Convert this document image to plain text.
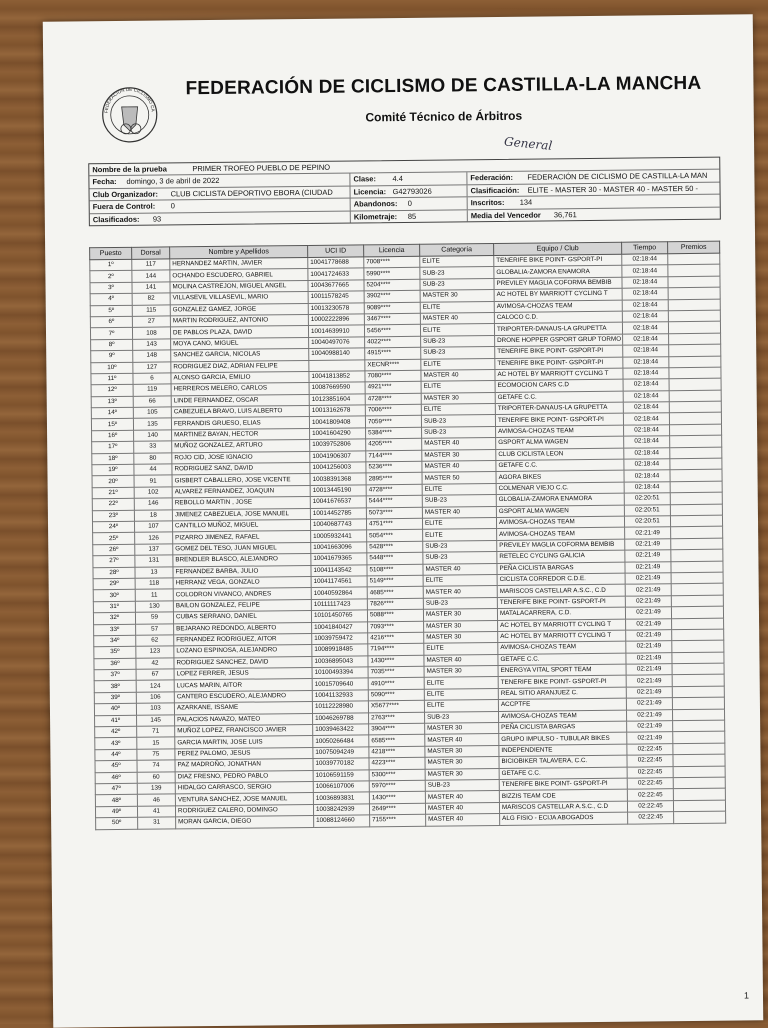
FEDERACIÓN DE CICLISMO CASTILLA-LA	FEDERACIÓN DE CICLISMO DE CASTILLA-LA MANCHA
Comité Técnico de Árbitros
General
Nombre de la prueba	PRIMER TROFEO PUEBLO DE PEPINO
Fecha:	domingo, 3 de abril de 2022	Clase:	4.4	Federación:	FEDERACIÓN DE CICLISMO DE CASTILLA-LA MAN
Club Organizador:	CLUB CICLISTA DEPORTIVO EBORA (CIUDAD	Licencia: G42793026	Clasificación:	ELITE - MASTER 30 - MASTER 40 - MASTER 50 -
Fuera de Control:	0	Abandonos:	0	Inscritos:	134
Clasificados:	93	Kilometraje:	85	Media del Vencedor	36,761
Puesto	Dorsal	Nombre y Apellidos	UCI ID	Licencia	Categoría	Equipo / Club	Tiempo	Premios
1º	117	HERNANDEZ MARTIN, JAVIER	10041778688	7008****	ELITE	TENERIFE BIKE POINT- GSPORT-PI	02:18:44	
2º	144	OCHANDO ESCUDERO, GABRIEL	10041724633	5990****	SUB-23	GLOBALIA-ZAMORA ENAMORA	02:18:44	
3º	141	MOLINA CASTREJON, MIGUEL ANGEL	10043677665	5204****	SUB-23	PREVILEY MAGLIA COFORMA BEMBIB	02:18:44	
4º	82	VILLASEVIL VILLASEVIL, MARIO	10011578245	3902****	MASTER 30	AC HOTEL BY MARRIOTT CYCLING T	02:18:44	
5º	115	GONZALEZ GAMEZ, JORGE	10013230578	9089****	ELITE	AVIMOSA-CHOZAS TEAM	02:18:44	
6º	27	MARTIN RODRIGUEZ, ANTONIO	10002222896	3467****	MASTER 40	CALOCO C.D.	02:18:44	
7º	108	DE PABLOS PLAZA, DAVID	10014639910	5456****	ELITE	TRIPORTER-DANAUS-LA GRUPETTA	02:18:44	
8º	143	MOYA CANO, MIGUEL	10040497076	4022****	SUB-23	DRONE HOPPER GSPORT GRUP TORMO	02:18:44	
9º	148	SANCHEZ GARCIA, NICOLAS	10040988140	4915****	SUB-23	TENERIFE BIKE POINT- GSPORT-PI	02:18:44	
10º	127	RODRIGUEZ DIAZ, ADRIAN FELIPE		XECNR****	ELITE	TENERIFE BIKE POINT- GSPORT-PI	02:18:44	
11º	6	ALONSO GARCIA, EMILIO	10041813852	7080****	MASTER 40	AC HOTEL BY MARRIOTT CYCLING T	02:18:44	
12º	119	HERREROS MELERO, CARLOS	10087669590	4921****	ELITE	ECOMOCION CARS C.D	02:18:44	
13º	66	LINDE FERNANDEZ, OSCAR	10123851604	4728****	MASTER 30	GETAFE C.C.	02:18:44	
14º	105	CABEZUELA BRAVO, LUIS ALBERTO	10013162678	7006****	ELITE	TRIPORTER-DANAUS-LA GRUPETTA	02:18:44	
15º	135	FERRANDIS GRUESO, ELIAS	10041809408	7059****	SUB-23	TENERIFE BIKE POINT- GSPORT-PI	02:18:44	
16º	140	MARTINEZ BAYAN, HECTOR	10041604290	5384****	SUB-23	AVIMOSA-CHOZAS TEAM	02:18:44	
17º	33	MUÑOZ GONZALEZ, ARTURO	10039752806	4205****	MASTER 40	GSPORT ALMA WAGEN	02:18:44	
18º	80	ROJO CID, JOSE IGNACIO	10041906307	7144****	MASTER 30	CLUB CICLISTA LEON	02:18:44	
19º	44	RODRIGUEZ SANZ, DAVID	10041256003	5236****	MASTER 40	GETAFE C.C.	02:18:44	
20º	91	GISBERT CABALLERO, JOSE VICENTE	10038391368	2895****	MASTER 50	AGORA BIKES	02:18:44	
21º	102	ALVAREZ FERNANDEZ, JOAQUIN	10013445190	4728****	ELITE	COLMENAR VIEJO C.C.	02:18:44	
22º	146	REBOLLO MARTIN , JOSE	10041676537	5444****	SUB-23	GLOBALIA-ZAMORA ENAMORA	02:20:51	
23º	18	JIMENEZ CABEZUELA, JOSE MANUEL	10014452785	5073****	MASTER 40	GSPORT ALMA WAGEN	02:20:51	
24º	107	CANTILLO MUÑOZ, MIGUEL	10040687743	4751****	ELITE	AVIMOSA-CHOZAS TEAM	02:20:51	
25º	126	PIZARRO JIMENEZ, RAFAEL	10005932441	5054****	ELITE	AVIMOSA-CHOZAS TEAM	02:21:49	
26º	137	GOMEZ DEL TESO, JUAN MIGUEL	10041663096	5428****	SUB-23	PREVILEY MAGLIA COFORMA BEMBIB	02:21:49	
27º	131	BRENDLER BLASCO, ALEJANDRO	10041679365	5448****	SUB-23	RETELEC CYCLING GALICIA	02:21:49	
28º	13	FERNANDEZ BARBA, JULIO	10041143542	5108****	MASTER 40	PEÑA CICLISTA BARGAS	02:21:49	
29º	118	HERRANZ VEGA, GONZALO	10041174561	5149****	ELITE	CICLISTA CORREDOR C.D.E.	02:21:49	
30º	11	COLODRON VIVANCO, ANDRES	10040592864	4685****	MASTER 40	MARISCOS CASTELLAR A.S.C., C.D	02:21:49	
31º	130	BAILON GONZALEZ, FELIPE	10111117423	7826****	SUB-23	TENERIFE BIKE POINT- GSPORT-PI	02:21:49	
32º	59	CUBAS SERRANO, DANIEL	10101450765	5088****	MASTER 30	MATALACARRERA, C.D.	02:21:49	
33º	57	BEJARANO REDONDO, ALBERTO	10041840427	7093****	MASTER 30	AC HOTEL BY MARRIOTT CYCLING T	02:21:49	
34º	62	FERNANDEZ RODRIGUEZ, AITOR	10039759472	4216****	MASTER 30	AC HOTEL BY MARRIOTT CYCLING T	02:21:49	
35º	123	LOZANO ESPINOSA, ALEJANDRO	10089918485	7194****	ELITE	AVIMOSA-CHOZAS TEAM	02:21:49	
36º	42	RODRIGUEZ SANCHEZ, DAVID	10036895043	1430****	MASTER 40	GETAFE C.C.	02:21:49	
37º	67	LOPEZ FERRER, JESUS	10100493394	7035****	MASTER 30	ENERGYA VITAL SPORT TEAM	02:21:49	
38º	124	LUCAS MARIN, AITOR	10015709640	4910****	ELITE	TENERIFE BIKE POINT- GSPORT-PI	02:21:49	
39º	106	CANTERO ESCUDERO, ALEJANDRO	10041132933	5090****	ELITE	REAL SITIO ARANJUEZ C.	02:21:49	
40º	103	AZARKANE, ISSAME	10112228980	X5677****	ELITE	ACCPTFE	02:21:49	
41º	145	PALACIOS NAVAZO, MATEO	10046269788	2763****	SUB-23	AVIMOSA-CHOZAS TEAM	02:21:49	
42º	71	MUÑOZ LOPEZ, FRANCISCO JAVIER	10039463422	3904****	MASTER 30	PEÑA CICLISTA BARGAS	02:21:49	
43º	15	GARCIA MARTIN, JOSE LUIS	10050266484	6585****	MASTER 40	GRUPO IMPULSO - TUBULAR BIKES	02:21:49	
44º	75	PEREZ PALOMO, JESUS	10075094249	4218****	MASTER 30	INDEPENDIENTE	02:22:45	
45º	74	PAZ MADROÑO, JONATHAN	10039770182	4223****	MASTER 30	BICIOBIKER TALAVERA, C.C.	02:22:45	
46º	60	DIAZ FRESNO, PEDRO PABLO	10106591159	5300****	MASTER 30	GETAFE C.C.	02:22:45	
47º	139	HIDALGO CARRASCO, SERGIO	10066107006	5970****	SUB-23	TENERIFE BIKE POINT- GSPORT-PI	02:22:45	
48º	46	VENTURA SANCHEZ, JOSE MANUEL	10036893831	1430****	MASTER 40	BIZZIS TEAM CDE	02:22:45	
49º	41	RODRIGUEZ CALERO, DOMINGO	10038242939	2649****	MASTER 40	MARISCOS CASTELLAR A.S.C., C.D	02:22:45	
50º	31	MORAN GARCIA, DIEGO	10088124660	7155****	MASTER 40	ALG FISIO - ECIJA ABOGADOS	02:22:45	
1
